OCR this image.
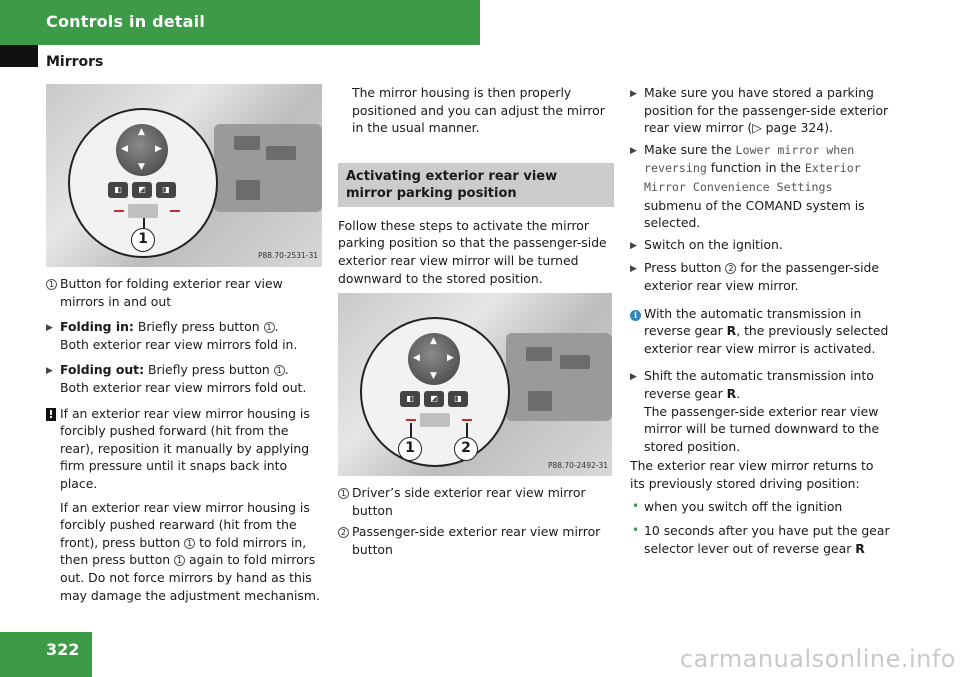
Controls in detail
Mirrors
▲
▼
◀	▶
◧	◩	◨
1
P88.70-2531-31
1 Button for folding exterior rear view mirrors in and out
▶ Folding in: Briefly press button 1 .
Both exterior rear view mirrors fold in.
▶ Folding out: Briefly press button 1 .
Both exterior rear view mirrors fold out.
! If an exterior rear view mirror housing is forcibly pushed forward (hit from the rear), reposition it manually by applying firm pressure until it snaps back into place.
If an exterior rear view mirror housing is forcibly pushed rearward (hit from the front), press button 1 to fold mirrors in, then press button 1 again to fold mirrors out. Do not force mirrors by hand as this may damage the adjustment mechanism.
The mirror housing is then properly positioned and you can adjust the mirror in the usual manner.
Activating exterior rear view mirror parking position
Follow these steps to activate the mirror parking position so that the passenger-side exterior rear view mirror will be turned downward to the stored position.
▲
▼
◀	▶
◧	◩	◨
1	2
P88.70-2492-31
1 Driver’s side exterior rear view mirror button
2 Passenger-side exterior rear view mirror button
▶ Make sure you have stored a parking position for the passenger-side exterior rear view mirror (▷ page 324).
▶ Make sure the Lower mirror when reversing function in the Exterior Mirror Convenience Settings submenu of the COMAND system is selected.
▶ Switch on the ignition.
▶ Press button 2 for the passenger-side exterior rear view mirror.
i With the automatic transmission in reverse gear R, the previously selected exterior rear view mirror is activated.
▶ Shift the automatic transmission into reverse gear R.
The passenger-side exterior rear view mirror will be turned downward to the stored position.
The exterior rear view mirror returns to its previously stored driving position:
• when you switch off the ignition
• 10 seconds after you have put the gear selector lever out of reverse gear R
322	carmanualsonline.info
